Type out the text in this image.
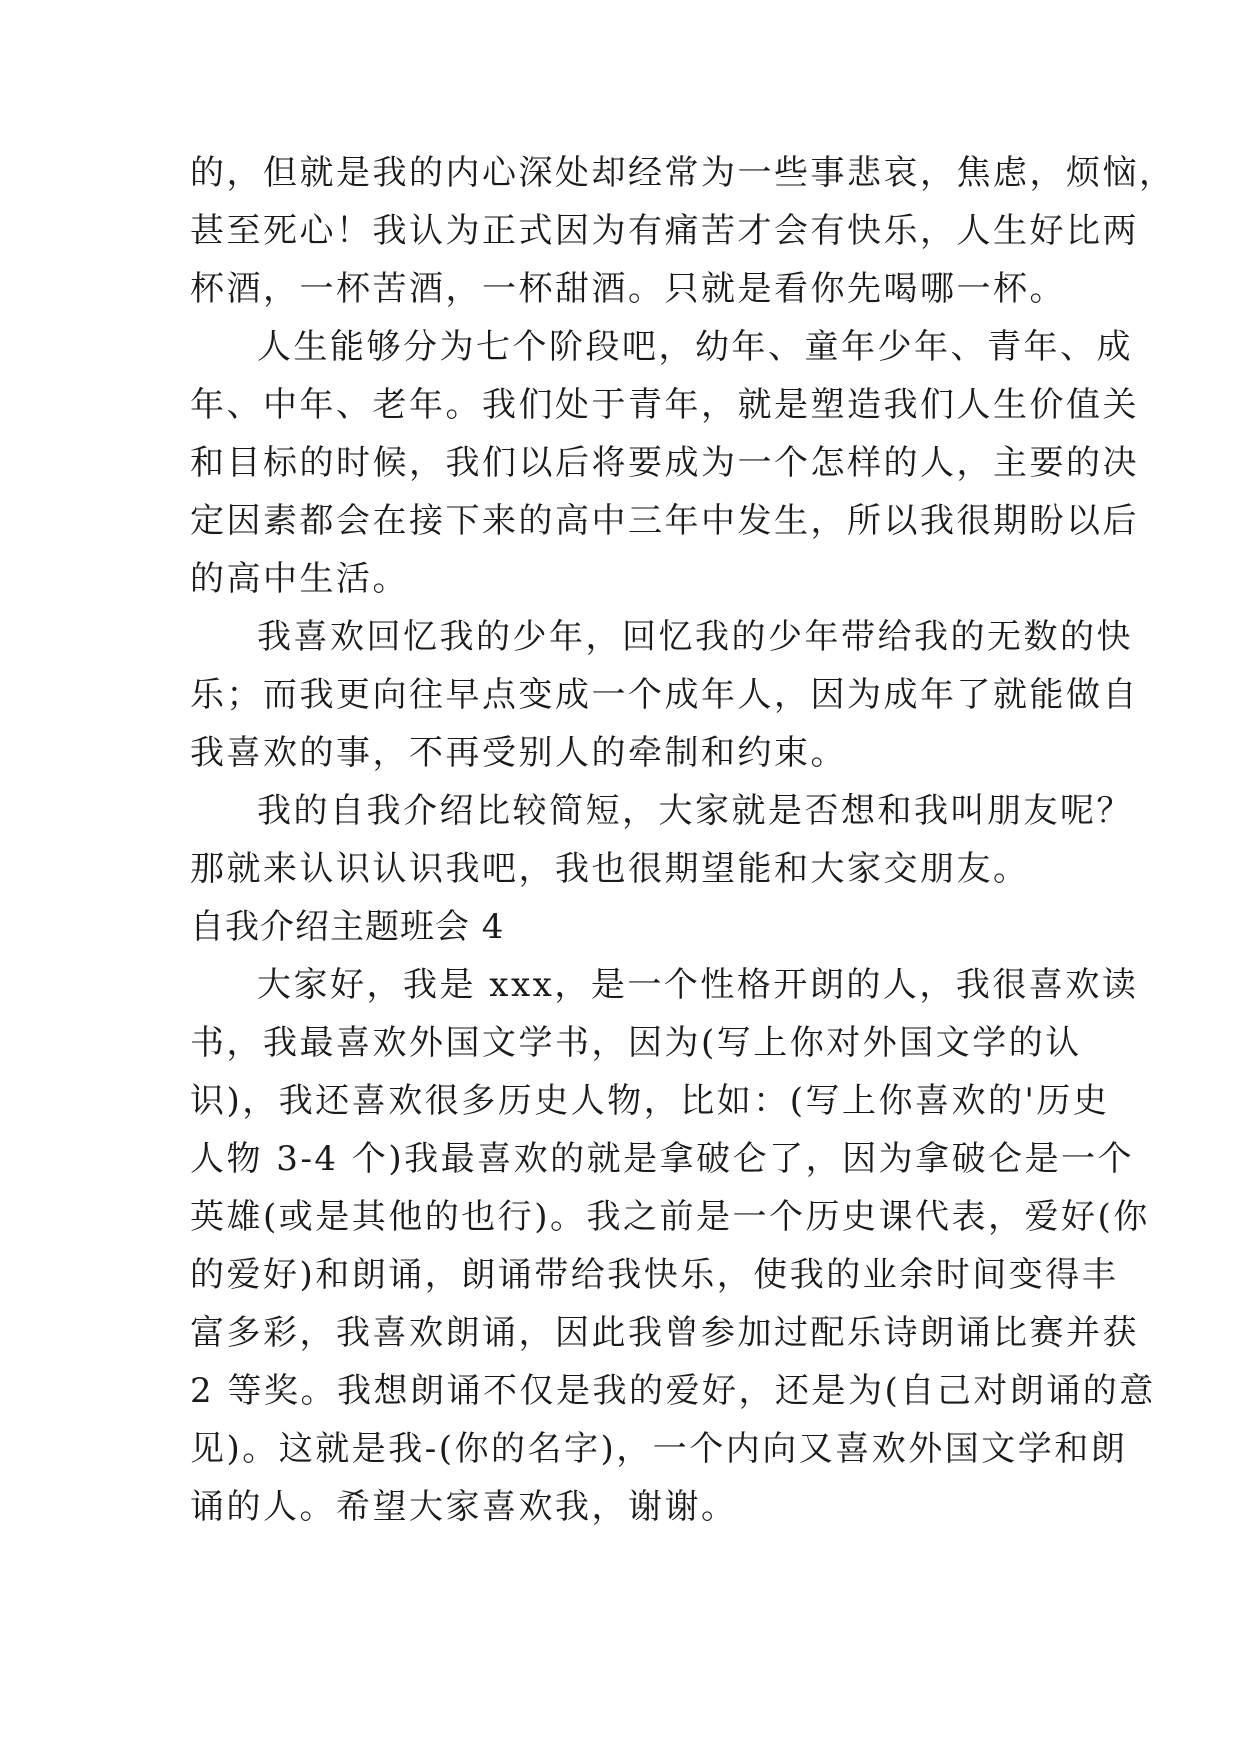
的，但就是我的内心深处却经常为一些事悲哀，焦虑，烦恼，
甚至死心！我认为正式因为有痛苦才会有快乐，人生好比两
杯酒，一杯苦酒，一杯甜酒。只就是看你先喝哪一杯。
人生能够分为七个阶段吧，幼年、童年少年、青年、成
年、中年、老年。我们处于青年，就是塑造我们人生价值关
和目标的时候，我们以后将要成为一个怎样的人，主要的决
定因素都会在接下来的高中三年中发生，所以我很期盼以后
的高中生活。
我喜欢回忆我的少年，回忆我的少年带给我的无数的快
乐；而我更向往早点变成一个成年人，因为成年了就能做自
我喜欢的事，不再受别人的牵制和约束。
我的自我介绍比较简短，大家就是否想和我叫朋友呢？
那就来认识认识我吧，我也很期望能和大家交朋友。
自我介绍主题班会 4
大家好，我是 xxx，是一个性格开朗的人，我很喜欢读
书，我最喜欢外国文学书，因为(写上你对外国文学的认
识)，我还喜欢很多历史人物，比如：(写上你喜欢的'历史
人物 3-4 个)我最喜欢的就是拿破仑了，因为拿破仑是一个
英雄(或是其他的也行)。我之前是一个历史课代表，爱好(你
的爱好)和朗诵，朗诵带给我快乐，使我的业余时间变得丰
富多彩，我喜欢朗诵，因此我曾参加过配乐诗朗诵比赛并获
2 等奖。我想朗诵不仅是我的爱好，还是为(自己对朗诵的意
见)。这就是我-(你的名字)，一个内向又喜欢外国文学和朗
诵的人。希望大家喜欢我，谢谢。
